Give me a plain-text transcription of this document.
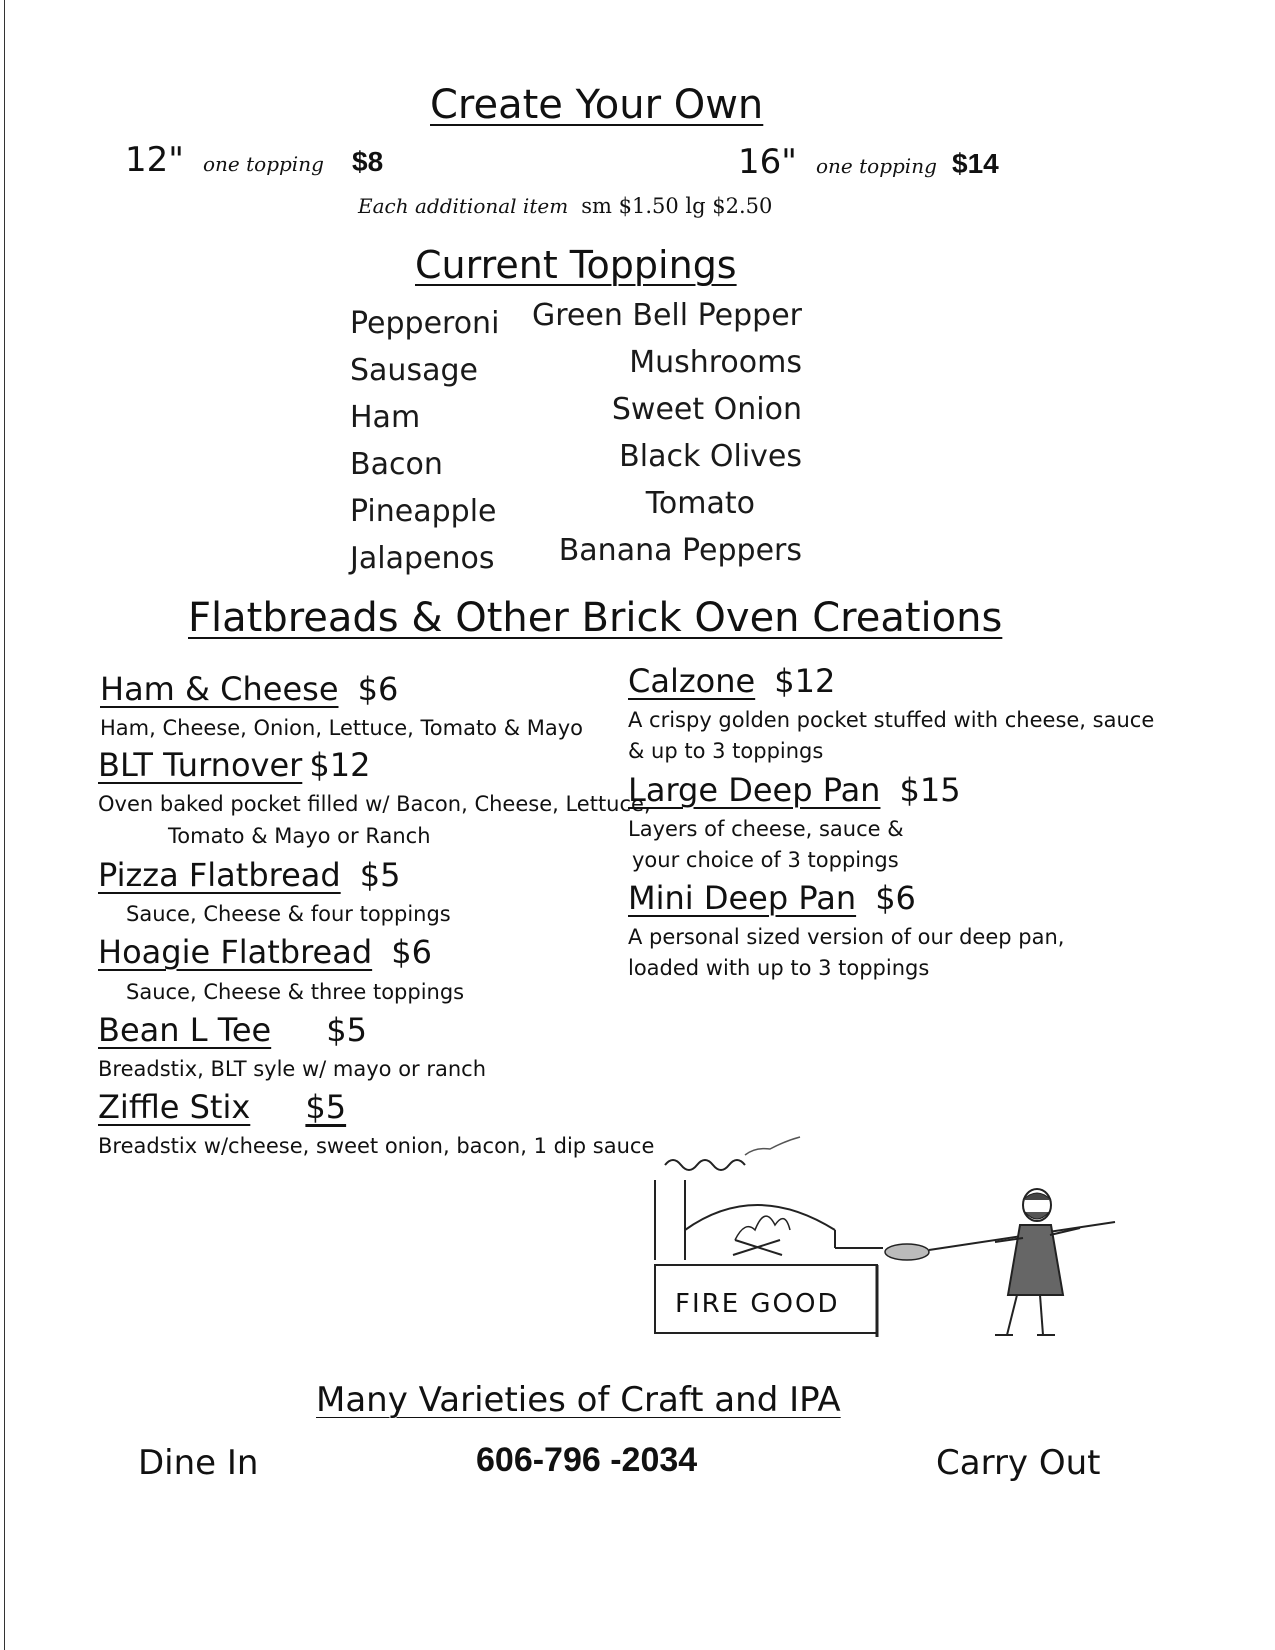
Create Your Own
12" one topping $8	16" one topping $14
Each additional item sm $1.50 lg $2.50
Current Toppings
Pepperoni
Sausage
Ham
Bacon
Pineapple
Jalapenos
Green Bell Pepper
Mushrooms
Sweet Onion
Black Olives
Tomato
Banana Peppers
Flatbreads & Other Brick Oven Creations
Ham & Cheese $6
Ham, Cheese, Onion, Lettuce, Tomato & Mayo
BLT Turnover $12
Oven baked pocket filled w/ Bacon, Cheese, Lettuce,
Tomato & Mayo or Ranch
Pizza Flatbread $5
Sauce, Cheese & four toppings
Hoagie Flatbread $6
Sauce, Cheese & three toppings
Bean L Tee $5
Breadstix, BLT syle w/ mayo or ranch
Ziffle Stix $5
Breadstix w/cheese, sweet onion, bacon, 1 dip sauce
Calzone $12
A crispy golden pocket stuffed with cheese, sauce
& up to 3 toppings
Large Deep Pan $15
Layers of cheese, sauce &
your choice of 3 toppings
Mini Deep Pan $6
A personal sized version of our deep pan,
loaded with up to 3 toppings
FIRE GOOD
Many Varieties of Craft and IPA
Dine In	606-796 -2034	Carry Out
